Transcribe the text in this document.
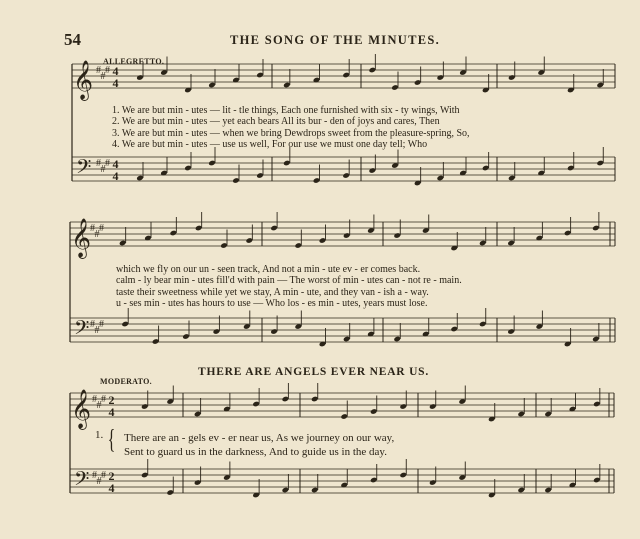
54	THE SONG OF THE MINUTES.
ALLEGRETTO.
1. We are but min - utes — lit - tle things, Each one furnished with six - ty wings, With
2. We are but min - utes — yet each bears All its bur - den of joys and cares, Then
3. We are but min - utes — when we bring Dewdrops sweet from the pleasure-spring, So,
4. We are but min - utes — use us well, For our use we must one day tell; Who
which we fly on our un - seen track, And not a min - ute ev - er comes back.
calm - ly bear min - utes fill'd with pain — The worst of min - utes can - not re - main.
taste their sweetness while yet we stay, A min - ute, and they van - ish a - way.
u - ses min - utes has hours to use — Who los - es min - utes, years must lose.
THERE ARE ANGELS EVER NEAR US.
MODERATO.
1. { There are an - gels ev - er near us, As we journey on our way,
Sent to guard us in the darkness, And to guide us in the day.
𝄞
𝄢
#
#
# 4
4
#
#
# 4
4
𝄞
𝄢
#
#
#
#
#
#
𝄞
𝄢
#
#
# 2
4
#
#
# 2
4
